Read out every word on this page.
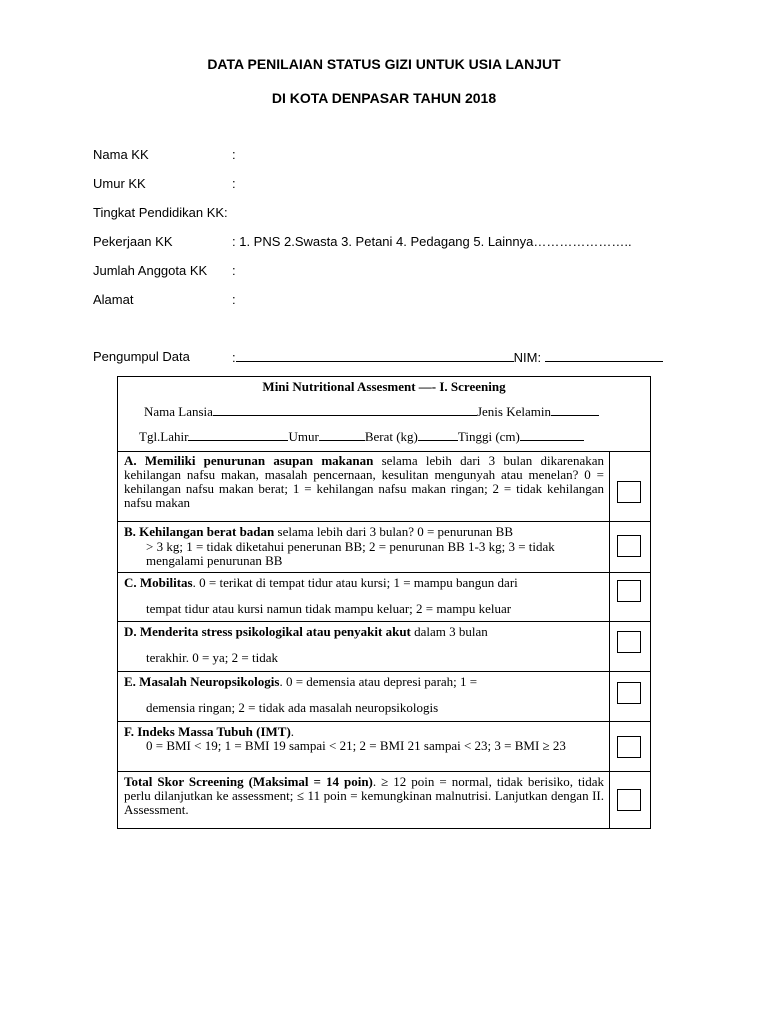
DATA PENILAIAN STATUS GIZI UNTUK USIA LANJUT
DI KOTA DENPASAR TAHUN 2018
Nama KK	:
Umur KK	:
Tingkat Pendidikan KK:
Pekerjaan KK	: 1. PNS 2.Swasta 3. Petani 4. Pedagang 5. Lainnya…………………..
Jumlah Anggota KK :
Alamat	:
Pengumpul Data	:	NIM:
Mini Nutritional Assesment —- I. Screening
Nama Lansia	Jenis Kelamin
Tgl.Lahir	Umur	Berat (kg)	Tinggi (cm)
A. Memiliki penurunan asupan makanan selama lebih dari 3 bulan dikarenakan kehilangan nafsu makan, masalah pencernaan, kesulitan mengunyah atau menelan? 0 = kehilangan nafsu makan berat; 1 = kehilangan nafsu makan ringan; 2 = tidak kehilangan nafsu makan
B. Kehilangan berat badan selama lebih dari 3 bulan? 0 = penurunan BB
> 3 kg; 1 = tidak diketahui penerunan BB; 2 = penurunan BB 1-3 kg; 3 = tidak mengalami penurunan BB
C. Mobilitas. 0 = terikat di tempat tidur atau kursi; 1 = mampu bangun dari
tempat tidur atau kursi namun tidak mampu keluar; 2 = mampu keluar
D. Menderita stress psikologikal atau penyakit akut dalam 3 bulan
terakhir. 0 = ya; 2 = tidak
E. Masalah Neuropsikologis. 0 = demensia atau depresi parah; 1 =
demensia ringan; 2 = tidak ada masalah neuropsikologis
F. Indeks Massa Tubuh (IMT).
0 = BMI < 19; 1 = BMI 19 sampai < 21; 2 = BMI 21 sampai < 23; 3 = BMI ≥ 23
Total Skor Screening (Maksimal = 14 poin). ≥ 12 poin = normal, tidak berisiko, tidak perlu dilanjutkan ke assessment; ≤ 11 poin = kemungkinan malnutrisi. Lanjutkan dengan II. Assessment.
